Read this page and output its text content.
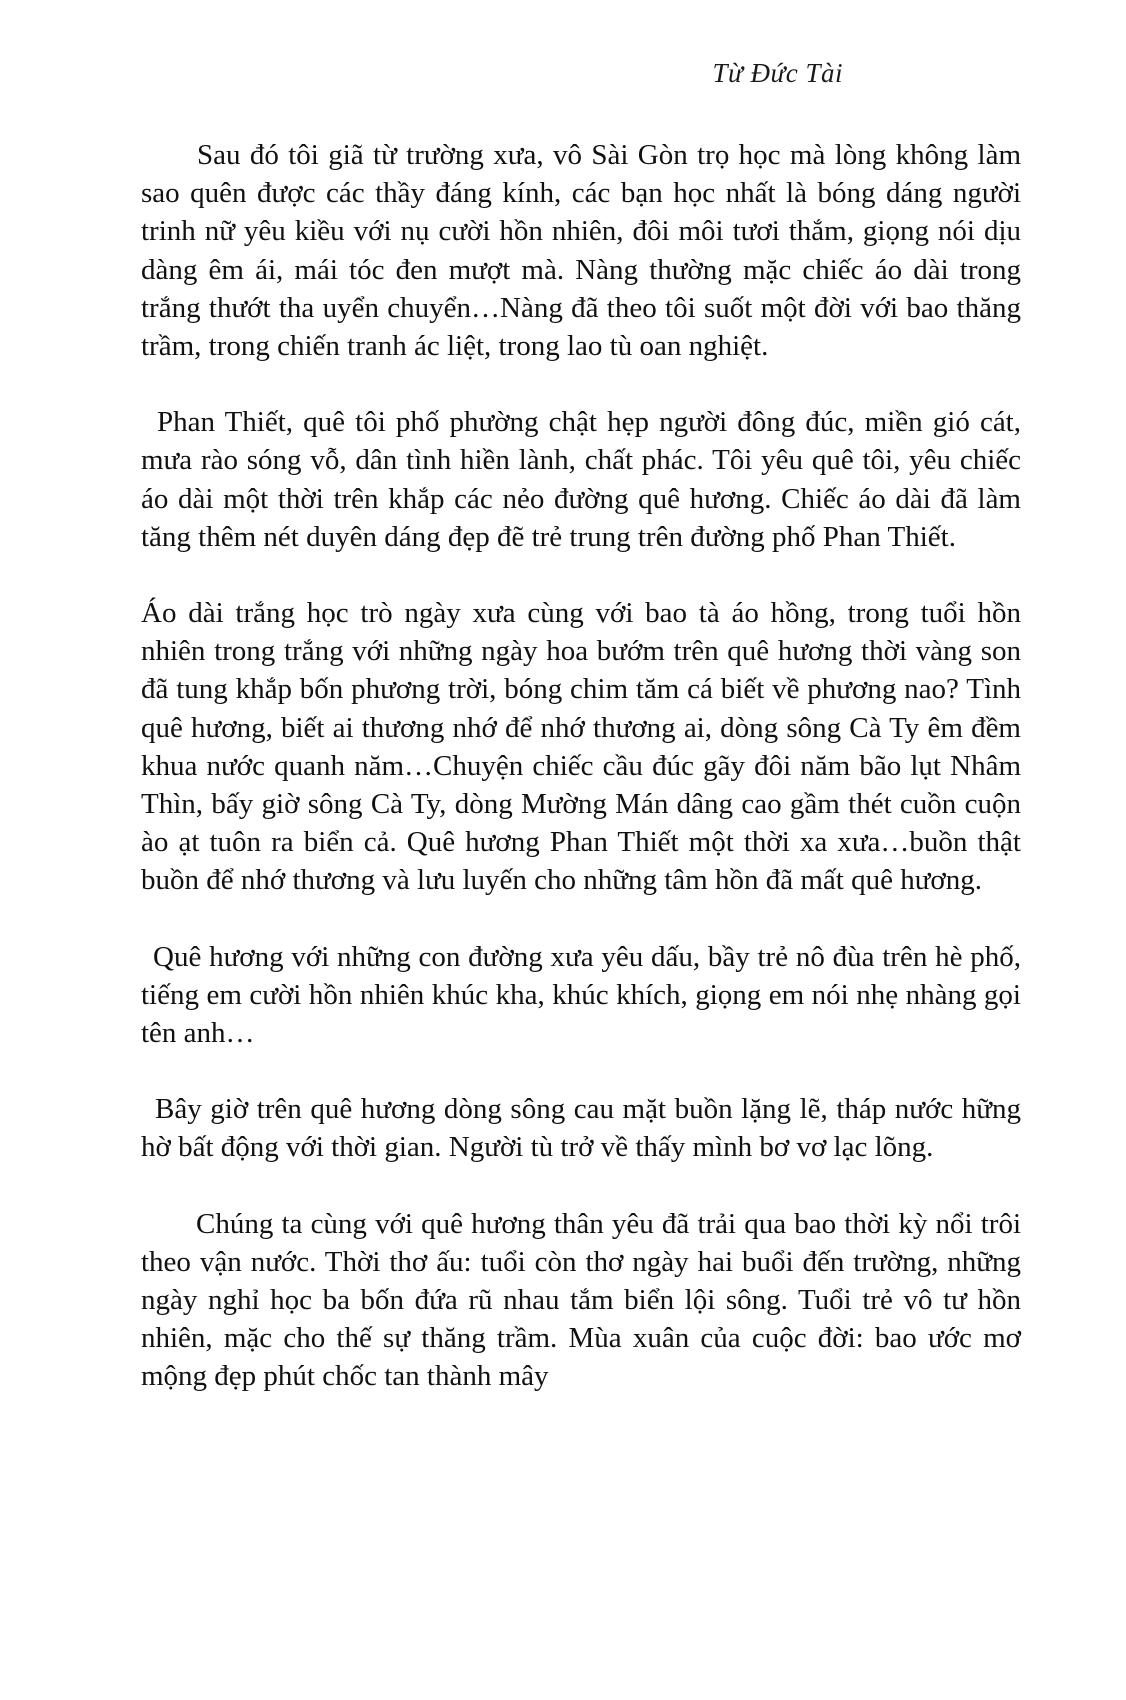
Từ Đức Tài

Sau đó tôi giã từ trường xưa, vô Sài Gòn trọ học mà lòng không làm sao quên được các thầy đáng kính, các bạn học nhất là bóng dáng người trinh nữ yêu kiều với nụ cười hồn nhiên, đôi môi tươi thắm, giọng nói dịu dàng êm ái, mái tóc đen mượt mà. Nàng thường mặc chiếc áo dài trong trắng thướt tha uyển chuyển…Nàng đã theo tôi suốt một đời với bao thăng trầm, trong chiến tranh ác liệt, trong lao tù oan nghiệt.

Phan Thiết, quê tôi phố phường chật hẹp người đông đúc, miền gió cát, mưa rào sóng vỗ, dân tình hiền lành, chất phác. Tôi yêu quê tôi, yêu chiếc áo dài một thời trên khắp các nẻo đường quê hương. Chiếc áo dài đã làm tăng thêm nét duyên dáng đẹp đẽ trẻ trung trên đường phố Phan Thiết.

Áo dài trắng học trò ngày xưa cùng với bao tà áo hồng, trong tuổi hồn nhiên trong trắng với những ngày hoa bướm trên quê hương thời vàng son đã tung khắp bốn phương trời, bóng chim tăm cá biết về phương nao? Tình quê hương, biết ai thương nhớ để nhớ thương ai, dòng sông Cà Ty êm đềm khua nước quanh năm…Chuyện chiếc cầu đúc gãy đôi năm bão lụt Nhâm Thìn, bấy giờ sông Cà Ty, dòng Mường Mán dâng cao gầm thét cuồn cuộn ào ạt tuôn ra biển cả. Quê hương Phan Thiết một thời xa xưa…buồn thật buồn để nhớ thương và lưu luyến cho những tâm hồn đã mất quê hương.

Quê hương với những con đường xưa yêu dấu, bầy trẻ nô đùa trên hè phố, tiếng em cười hồn nhiên khúc kha, khúc khích, giọng em nói nhẹ nhàng gọi tên anh…

Bây giờ trên quê hương dòng sông cau mặt buồn lặng lẽ, tháp nước hững hờ bất động với thời gian. Người tù trở về thấy mình bơ vơ lạc lõng.

Chúng ta cùng với quê hương thân yêu đã trải qua bao thời kỳ nổi trôi theo vận nước. Thời thơ ấu: tuổi còn thơ ngày hai buổi đến trường, những ngày nghỉ học ba bốn đứa rũ nhau tắm biển lội sông. Tuổi trẻ vô tư hồn nhiên, mặc cho thế sự thăng trầm. Mùa xuân của cuộc đời: bao ước mơ mộng đẹp phút chốc tan thành mây
